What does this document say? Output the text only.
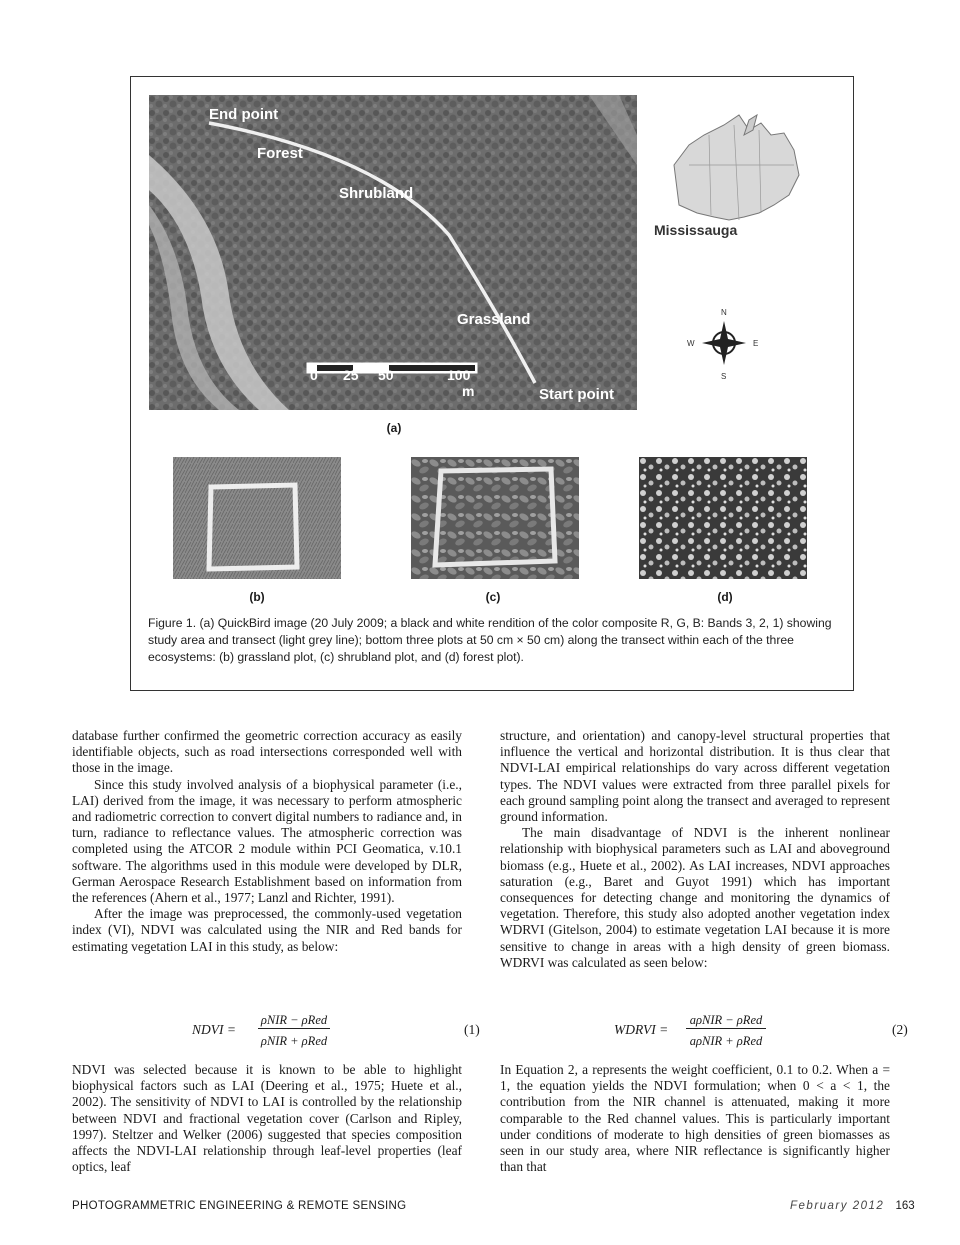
End point
Forest
Shrubland
Grassland
Start point
0 25 50	100
m
Mississauga
N
S
E
W
(a)
(b)	(c)	(d)
Figure 1. (a) QuickBird image (20 July 2009; a black and white rendition of the color composite R, G, B: Bands 3, 2, 1) showing study area and transect (light grey line); bottom three plots at 50 cm × 50 cm) along the transect within each of the three ecosystems: (b) grassland plot, (c) shrubland plot, and (d) forest plot).

database further confirmed the geometric correction accuracy as easily identifiable objects, such as road intersections corresponded well with those in the image.

Since this study involved analysis of a biophysical parameter (i.e., LAI) derived from the image, it was necessary to perform atmospheric and radiometric correction to convert digital numbers to radiance and, in turn, radiance to reflectance values. The atmospheric correction was completed using the ATCOR 2 module within PCI Geomatica, v.10.1 software. The algorithms used in this module were developed by DLR, German Aerospace Research Establishment based on information from the references (Ahern et al., 1977; Lanzl and Richter, 1991).

After the image was preprocessed, the commonly-used vegetation index (VI), NDVI was calculated using the NIR and Red bands for estimating vegetation LAI in this study, as below:

NDVI =
ρNIR − ρRed
ρNIR + ρRed
(1)

NDVI was selected because it is known to be able to highlight biophysical factors such as LAI (Deering et al., 1975; Huete et al., 2002). The sensitivity of NDVI to LAI is controlled by the relationship between NDVI and fractional vegetation cover (Carlson and Ripley, 1997). Steltzer and Welker (2006) suggested that species composition affects the NDVI-LAI relationship through leaf-level properties (leaf optics, leaf

structure, and orientation) and canopy-level structural properties that influence the vertical and horizontal distribution. It is thus clear that NDVI-LAI empirical relationships do vary across different vegetation types. The NDVI values were extracted from three parallel pixels for each ground sampling point along the transect and averaged to represent ground information.

The main disadvantage of NDVI is the inherent nonlinear relationship with biophysical parameters such as LAI and aboveground biomass (e.g., Huete et al., 2002). As LAI increases, NDVI approaches saturation (e.g., Baret and Guyot 1991) which has important consequences for detecting change and monitoring the dynamics of vegetation. Therefore, this study also adopted another vegetation index WDRVI (Gitelson, 2004) to estimate vegetation LAI because it is more sensitive to change in areas with a high density of green biomass. WDRVI was calculated as seen below:

WDRVI =
aρNIR − ρRed
aρNIR + ρRed
(2)

In Equation 2, a represents the weight coefficient, 0.1 to 0.2. When a = 1, the equation yields the NDVI formulation; when 0 < a < 1, the contribution from the NIR channel is attenuated, making it more comparable to the Red channel values. This is particularly important under conditions of moderate to high densities of green biomasses as seen in our study area, where NIR reflectance is significantly higher than that

PHOTOGRAMMETRIC ENGINEERING & REMOTE SENSING	February 2012 163
